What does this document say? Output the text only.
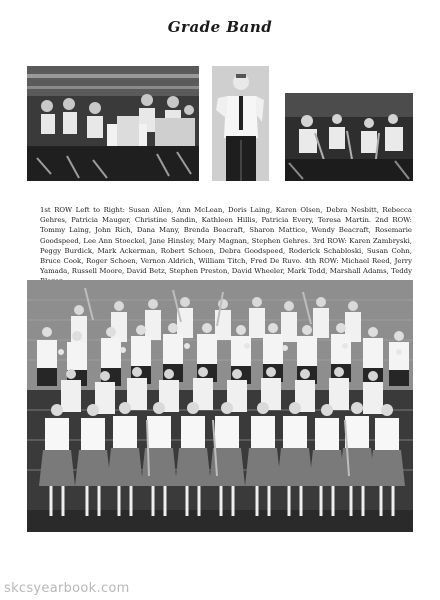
Grade Band

1st ROW Left to Right: Susan Allen, Ann McLean, Doris Laing, Karen Olsen, Debra Nesbitt, Rebecca Gehres, Patricia Mauger, Christine Sandin, Kathleen Hillis, Patricia Every, Teresa Martin. 2nd ROW: Tommy Laing, John Rich, Dana Many, Brenda Beacraft, Sharon Mattice, Wendy Beacraft, Rosemarie Goodspeed, Lee Ann Stoeckel, Jane Hinsley, Mary Magnan, Stephen Gehres. 3rd ROW: Karen Zambryski, Peggy Burdick, Mark Ackerman, Robert Schoen, Debra Goodspeed, Roderick Schabloski, Susan Cohn, Bruce Cook, Roger Schoen, Vernon Aldrich, William Titch, Fred De Ruvo. 4th ROW: Michael Reed, Jerry Yamada, Russell Moore, David Betz, Stephen Preston, David Wheeler, Mark Todd, Marshall Adams, Teddy

skcsyearbook.com
